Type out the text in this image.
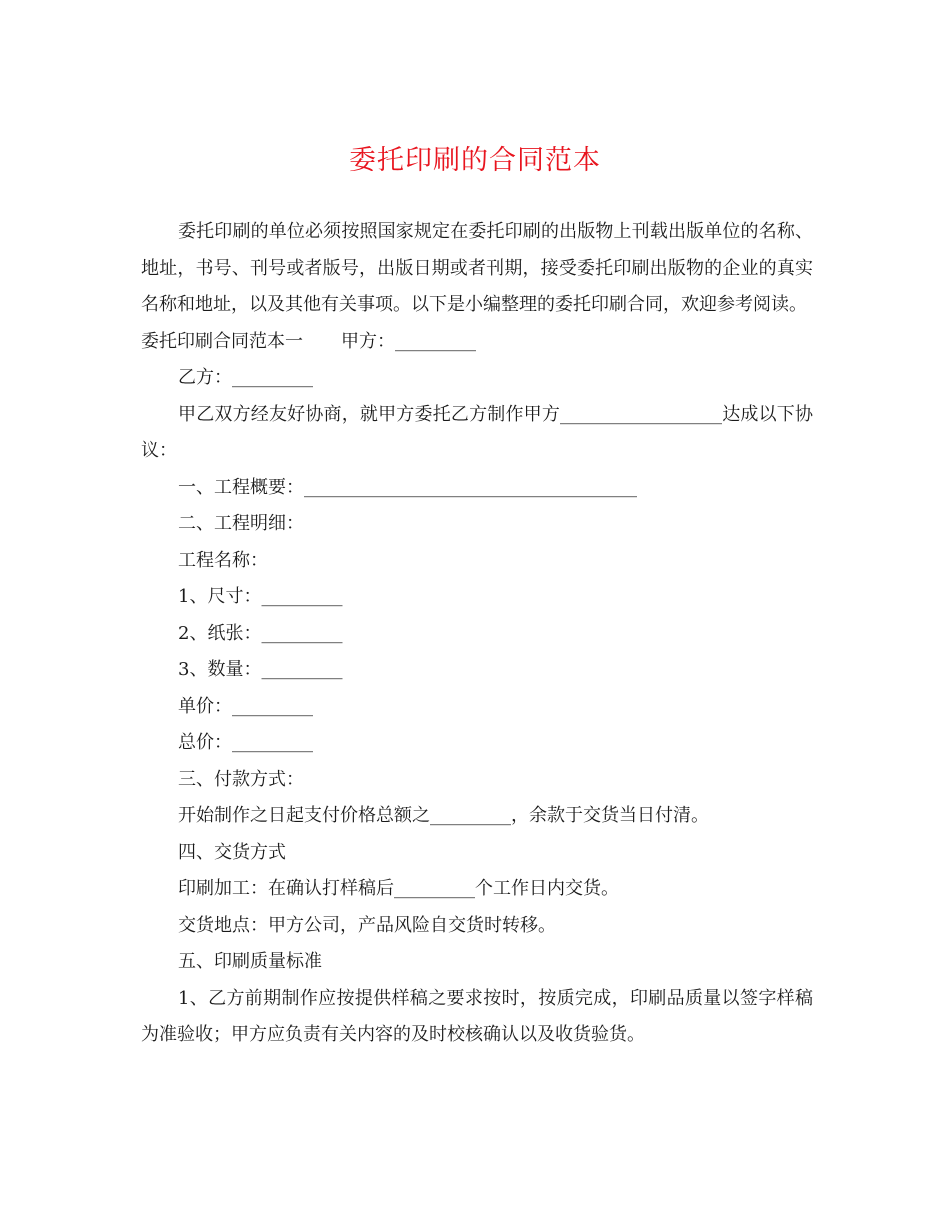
委托印刷的合同范本

委托印刷的单位必须按照国家规定在委托印刷的出版物上刊载出版单位的名称、地址，书号、刊号或者版号，出版日期或者刊期，接受委托印刷出版物的企业的真实名称和地址，以及其他有关事项。以下是小编整理的委托印刷合同，欢迎参考阅读。

委托印刷合同范本一 甲方：_________

乙方：_________

甲乙双方经友好协商，就甲方委托乙方制作甲方__________________达成以下协议：

一、工程概要：_____________________________________

二、工程明细：

工程名称：

1、尺寸：_________

2、纸张：_________

3、数量：_________

单价：_________

总价：_________

三、付款方式：

开始制作之日起支付价格总额之_________，余款于交货当日付清。

四、交货方式

印刷加工：在确认打样稿后_________个工作日内交货。

交货地点：甲方公司，产品风险自交货时转移。

五、印刷质量标准

1、乙方前期制作应按提供样稿之要求按时，按质完成，印刷品质量以签字样稿为准验收；甲方应负责有关内容的及时校核确认以及收货验货。
